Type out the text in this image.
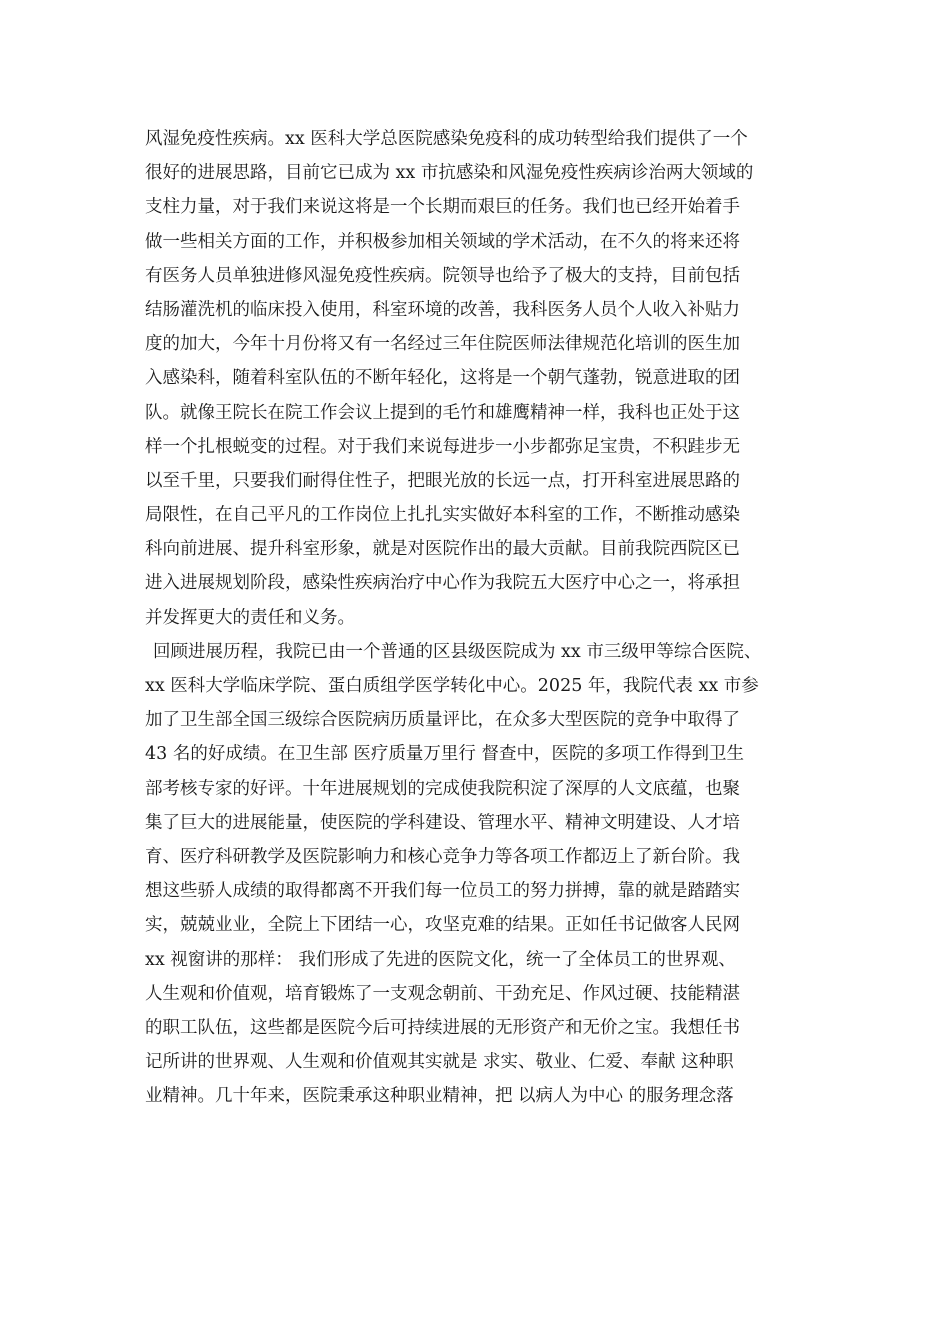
风湿免疫性疾病。xx 医科大学总医院感染免疫科的成功转型给我们提供了一个
很好的进展思路，目前它已成为 xx 市抗感染和风湿免疫性疾病诊治两大领域的
支柱力量，对于我们来说这将是一个长期而艰巨的任务。我们也已经开始着手
做一些相关方面的工作，并积极参加相关领域的学术活动，在不久的将来还将
有医务人员单独进修风湿免疫性疾病。院领导也给予了极大的支持，目前包括
结肠灌洗机的临床投入使用，科室环境的改善，我科医务人员个人收入补贴力
度的加大，今年十月份将又有一名经过三年住院医师法律规范化培训的医生加
入感染科，随着科室队伍的不断年轻化，这将是一个朝气蓬勃，锐意进取的团
队。就像王院长在院工作会议上提到的毛竹和雄鹰精神一样，我科也正处于这
样一个扎根蜕变的过程。对于我们来说每进步一小步都弥足宝贵，不积跬步无
以至千里，只要我们耐得住性子，把眼光放的长远一点，打开科室进展思路的
局限性，在自己平凡的工作岗位上扎扎实实做好本科室的工作，不断推动感染
科向前进展、提升科室形象，就是对医院作出的最大贡献。目前我院西院区已
进入进展规划阶段，感染性疾病治疗中心作为我院五大医疗中心之一，将承担
并发挥更大的责任和义务。
回顾进展历程，我院已由一个普通的区县级医院成为 xx 市三级甲等综合医院、
xx 医科大学临床学院、蛋白质组学医学转化中心。2025 年，我院代表 xx 市参
加了卫生部全国三级综合医院病历质量评比，在众多大型医院的竞争中取得了
43 名的好成绩。在卫生部 医疗质量万里行 督查中，医院的多项工作得到卫生
部考核专家的好评。十年进展规划的完成使我院积淀了深厚的人文底蕴，也聚
集了巨大的进展能量，使医院的学科建设、管理水平、精神文明建设、人才培
育、医疗科研教学及医院影响力和核心竞争力等各项工作都迈上了新台阶。我
想这些骄人成绩的取得都离不开我们每一位员工的努力拼搏，靠的就是踏踏实
实，兢兢业业，全院上下团结一心，攻坚克难的结果。正如任书记做客人民网
xx 视窗讲的那样： 我们形成了先进的医院文化，统一了全体员工的世界观、
人生观和价值观，培育锻炼了一支观念朝前、干劲充足、作风过硬、技能精湛
的职工队伍，这些都是医院今后可持续进展的无形资产和无价之宝。我想任书
记所讲的世界观、人生观和价值观其实就是 求实、敬业、仁爱、奉献 这种职
业精神。几十年来，医院秉承这种职业精神，把 以病人为中心 的服务理念落
